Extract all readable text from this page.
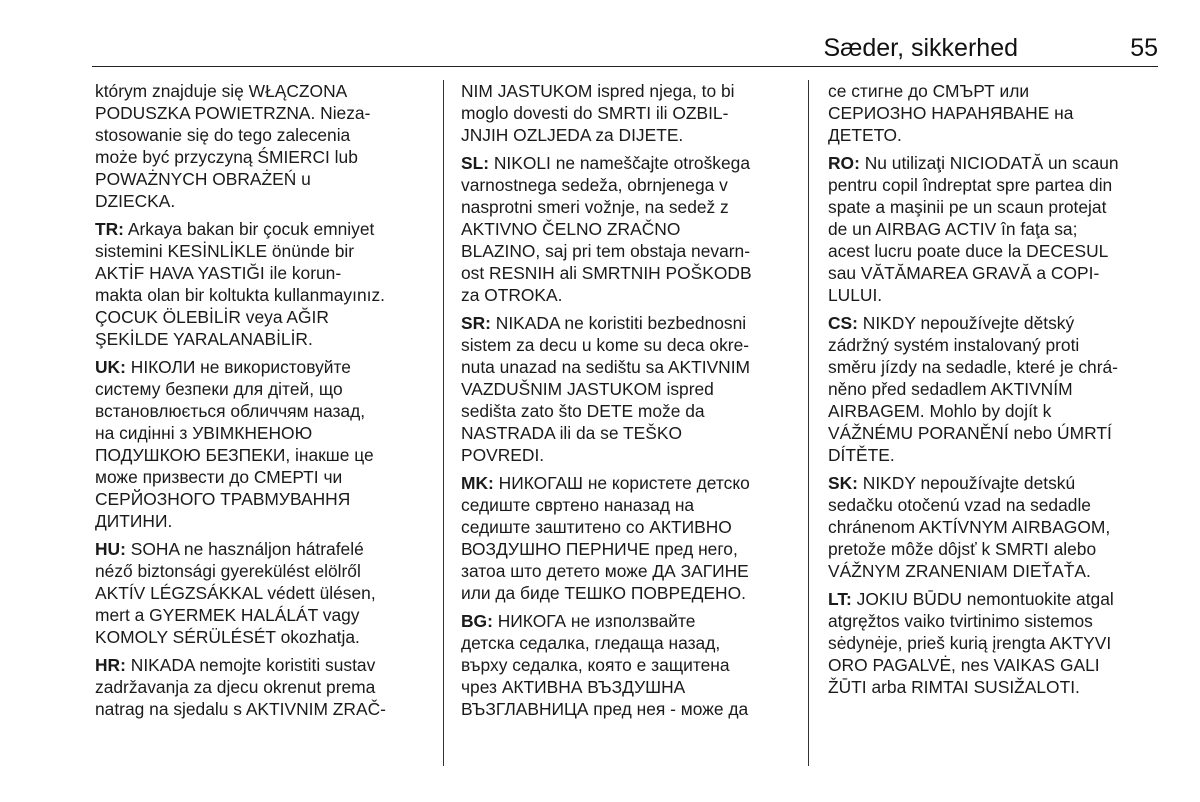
Sæder, sikkerhed	55

którym znajduje się WŁĄCZONA
PODUSZKA POWIETRZNA. Nieza-
stosowanie się do tego zalecenia
może być przyczyną ŚMIERCI lub
POWAŻNYCH OBRAŻEŃ u
DZIECKA.

TR: Arkaya bakan bir çocuk emniyet
sistemini KESİNLİKLE önünde bir
AKTİF HAVA YASTIĞI ile korun-
makta olan bir koltukta kullanmayınız.
ÇOCUK ÖLEBİLİR veya AĞIR
ŞEKİLDE YARALANABİLİR.

UK: НІКОЛИ не використовуйте
систему безпеки для дітей, що
встановлюється обличчям назад,
на сидінні з УВІМКНЕНОЮ
ПОДУШКОЮ БЕЗПЕКИ, інакше це
може призвести до СМЕРТІ чи
СЕРЙОЗНОГО ТРАВМУВАННЯ
ДИТИНИ.

HU: SOHA ne használjon hátrafelé
néző biztonsági gyerekülést elölről
AKTÍV LÉGZSÁKKAL védett ülésen,
mert a GYERMEK HALÁLÁT vagy
KOMOLY SÉRÜLÉSÉT okozhatja.

HR: NIKADA nemojte koristiti sustav
zadržavanja za djecu okrenut prema
natrag na sjedalu s AKTIVNIM ZRAČ-

NIM JASTUKOM ispred njega, to bi
moglo dovesti do SMRTI ili OZBIL-
JNJIH OZLJEDA za DIJETE.

SL: NIKOLI ne nameščajte otroškega
varnostnega sedeža, obrnjenega v
nasprotni smeri vožnje, na sedež z
AKTIVNO ČELNO ZRAČNO
BLAZINO, saj pri tem obstaja nevarn-
ost RESNIH ali SMRTNIH POŠKODB
za OTROKA.

SR: NIKADA ne koristiti bezbednosni
sistem za decu u kome su deca okre-
nuta unazad na sedištu sa AKTIVNIM
VAZDUŠNIM JASTUKOM ispred
sedišta zato što DETE može da
NASTRADA ili da se TEŠKO
POVREDI.

MK: НИКОГАШ не користете детско
седиште свртено наназад на
седиште заштитено со АКТИВНО
ВОЗДУШНО ПЕРНИЧЕ пред него,
затоа што детето може ДА ЗАГИНЕ
или да биде ТЕШКО ПОВРЕДЕНО.

BG: НИКОГА не използвайте
детска седалка, гледаща назад,
върху седалка, която е защитена
чрез АКТИВНА ВЪЗДУШНА
ВЪЗГЛАВНИЦА пред нея - може да

се стигне до СМЪРТ или
СЕРИОЗНО НАРАНЯВАНЕ на
ДЕТЕТО.

RO: Nu utilizaţi NICIODATĂ un scaun
pentru copil îndreptat spre partea din
spate a maşinii pe un scaun protejat
de un AIRBAG ACTIV în faţa sa;
acest lucru poate duce la DECESUL
sau VĂTĂMAREA GRAVĂ a COPI-
LULUI.

CS: NIKDY nepoužívejte dětský
zádržný systém instalovaný proti
směru jízdy na sedadle, které je chrá-
něno před sedadlem AKTIVNÍM
AIRBAGEM. Mohlo by dojít k
VÁŽNÉMU PORANĚNÍ nebo ÚMRTÍ
DÍTĚTE.

SK: NIKDY nepoužívajte detskú
sedačku otočenú vzad na sedadle
chránenom AKTÍVNYM AIRBAGOM,
pretože môže dôjsť k SMRTI alebo
VÁŽNYM ZRANENIAM DIEŤAŤA.

LT: JOKIU BŪDU nemontuokite atgal
atgręžtos vaiko tvirtinimo sistemos
sėdynėje, prieš kurią įrengta AKTYVI
ORO PAGALVĖ, nes VAIKAS GALI
ŽŪTI arba RIMTAI SUSIŽALOTI.
